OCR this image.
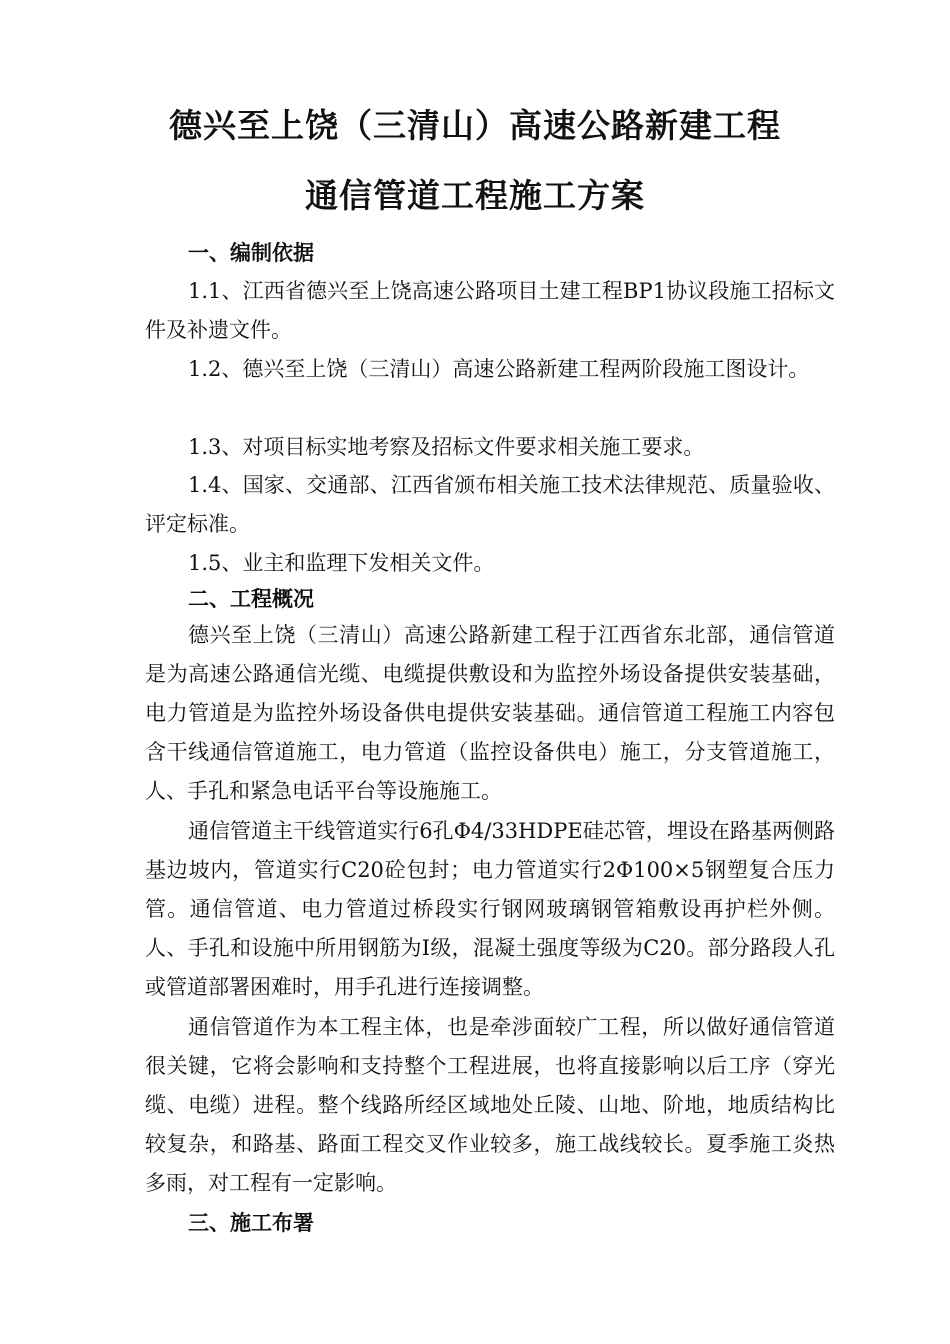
德兴至上饶（三清山）高速公路新建工程
通信管道工程施工方案
一、编制依据
1.1、江西省德兴至上饶高速公路项目土建工程BP1协议段施工招标文件及补遗文件。
1.2、德兴至上饶（三清山）高速公路新建工程两阶段施工图设计。
1.3、对项目标实地考察及招标文件要求相关施工要求。
1.4、国家、交通部、江西省颁布相关施工技术法律规范、质量验收、评定标准。
1.5、业主和监理下发相关文件。
二、工程概况
德兴至上饶（三清山）高速公路新建工程于江西省东北部，通信管道是为高速公路通信光缆、电缆提供敷设和为监控外场设备提供安装基础，电力管道是为监控外场设备供电提供安装基础。通信管道工程施工内容包含干线通信管道施工，电力管道（监控设备供电）施工，分支管道施工，人、手孔和紧急电话平台等设施施工。
通信管道主干线管道实行6孔Φ4/33HDPE硅芯管，埋设在路基两侧路基边坡内，管道实行C20砼包封；电力管道实行2Φ100×5钢塑复合压力管。通信管道、电力管道过桥段实行钢网玻璃钢管箱敷设再护栏外侧。人、手孔和设施中所用钢筋为Ⅰ级，混凝土强度等级为C20。部分路段人孔或管道部署困难时，用手孔进行连接调整。
通信管道作为本工程主体，也是牵涉面较广工程，所以做好通信管道很关键，它将会影响和支持整个工程进展，也将直接影响以后工序（穿光缆、电缆）进程。整个线路所经区域地处丘陵、山地、阶地，地质结构比较复杂，和路基、路面工程交叉作业较多，施工战线较长。夏季施工炎热多雨，对工程有一定影响。
三、施工布署
